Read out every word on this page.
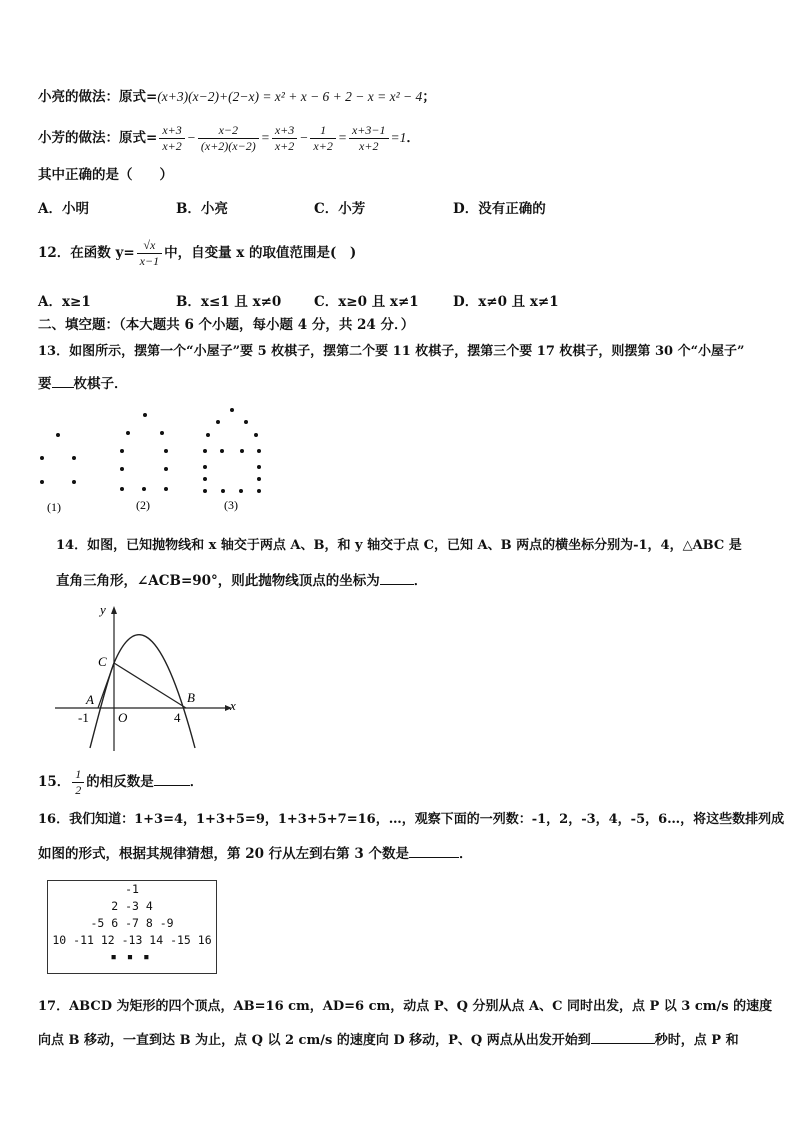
小亮的做法：原式=(x+3)(x−2)+(2−x) = x² + x − 6 + 2 − x = x² − 4；
小芳的做法：原式= $\frac{x+3}{x+2} - \frac{x-2}{(x+2)(x-2)} = \frac{x+3}{x+2} - \frac{1}{x+2} = \frac{x+3-1}{x+2} =1$．
其中正确的是（　　）
A．小明	B．小亮	C．小芳	D．没有正确的
12．在函数 $y= \frac{√x}{x-1}$ 中，自变量 x 的取值范围是(　)
A．x≥1	B．x≤1 且 x≠0 C．x≥0 且 x≠1	D．x≠0 且 x≠1
二、填空题：（本大题共 6 个小题，每小题 4 分，共 24 分．）
13．如图所示，摆第一个“小屋子”要 5 枚棋子，摆第二个要 11 枚棋子，摆第三个要 17 枚棋子，则摆第 30 个“小屋子”
要 枚棋子．
(1)	(2)	(3)
14．如图，已知抛物线和 x 轴交于两点 A、B，和 y 轴交于点 C，已知 A、B 两点的横坐标分别为-1，4，△ABC 是
直角三角形，∠ACB=90°，则此抛物线顶点的坐标为	．
y
x
C
A	B
O
-1	4
15． $\frac{1}{2}$ 的相反数是	．
16．我们知道：1+3=4，1+3+5=9，1+3+5+7=16，…，观察下面的一列数：-1，2，-3，4，-5，6…，将这些数排列成
如图的形式，根据其规律猜想，第 20 行从左到右第 3 个数是	．
-1
2 -3 4
-5 6 -7 8 -9
10 -11 12 -13 14 -15 16
■ ■ ■
17．ABCD 为矩形的四个顶点，AB=16 cm，AD=6 cm，动点 P、Q 分别从点 A、C 同时出发，点 P 以 3 cm/s 的速度
向点 B 移动，一直到达 B 为止，点 Q 以 2 cm/s 的速度向 D 移动，P、Q 两点从出发开始到	秒时，点 P 和
